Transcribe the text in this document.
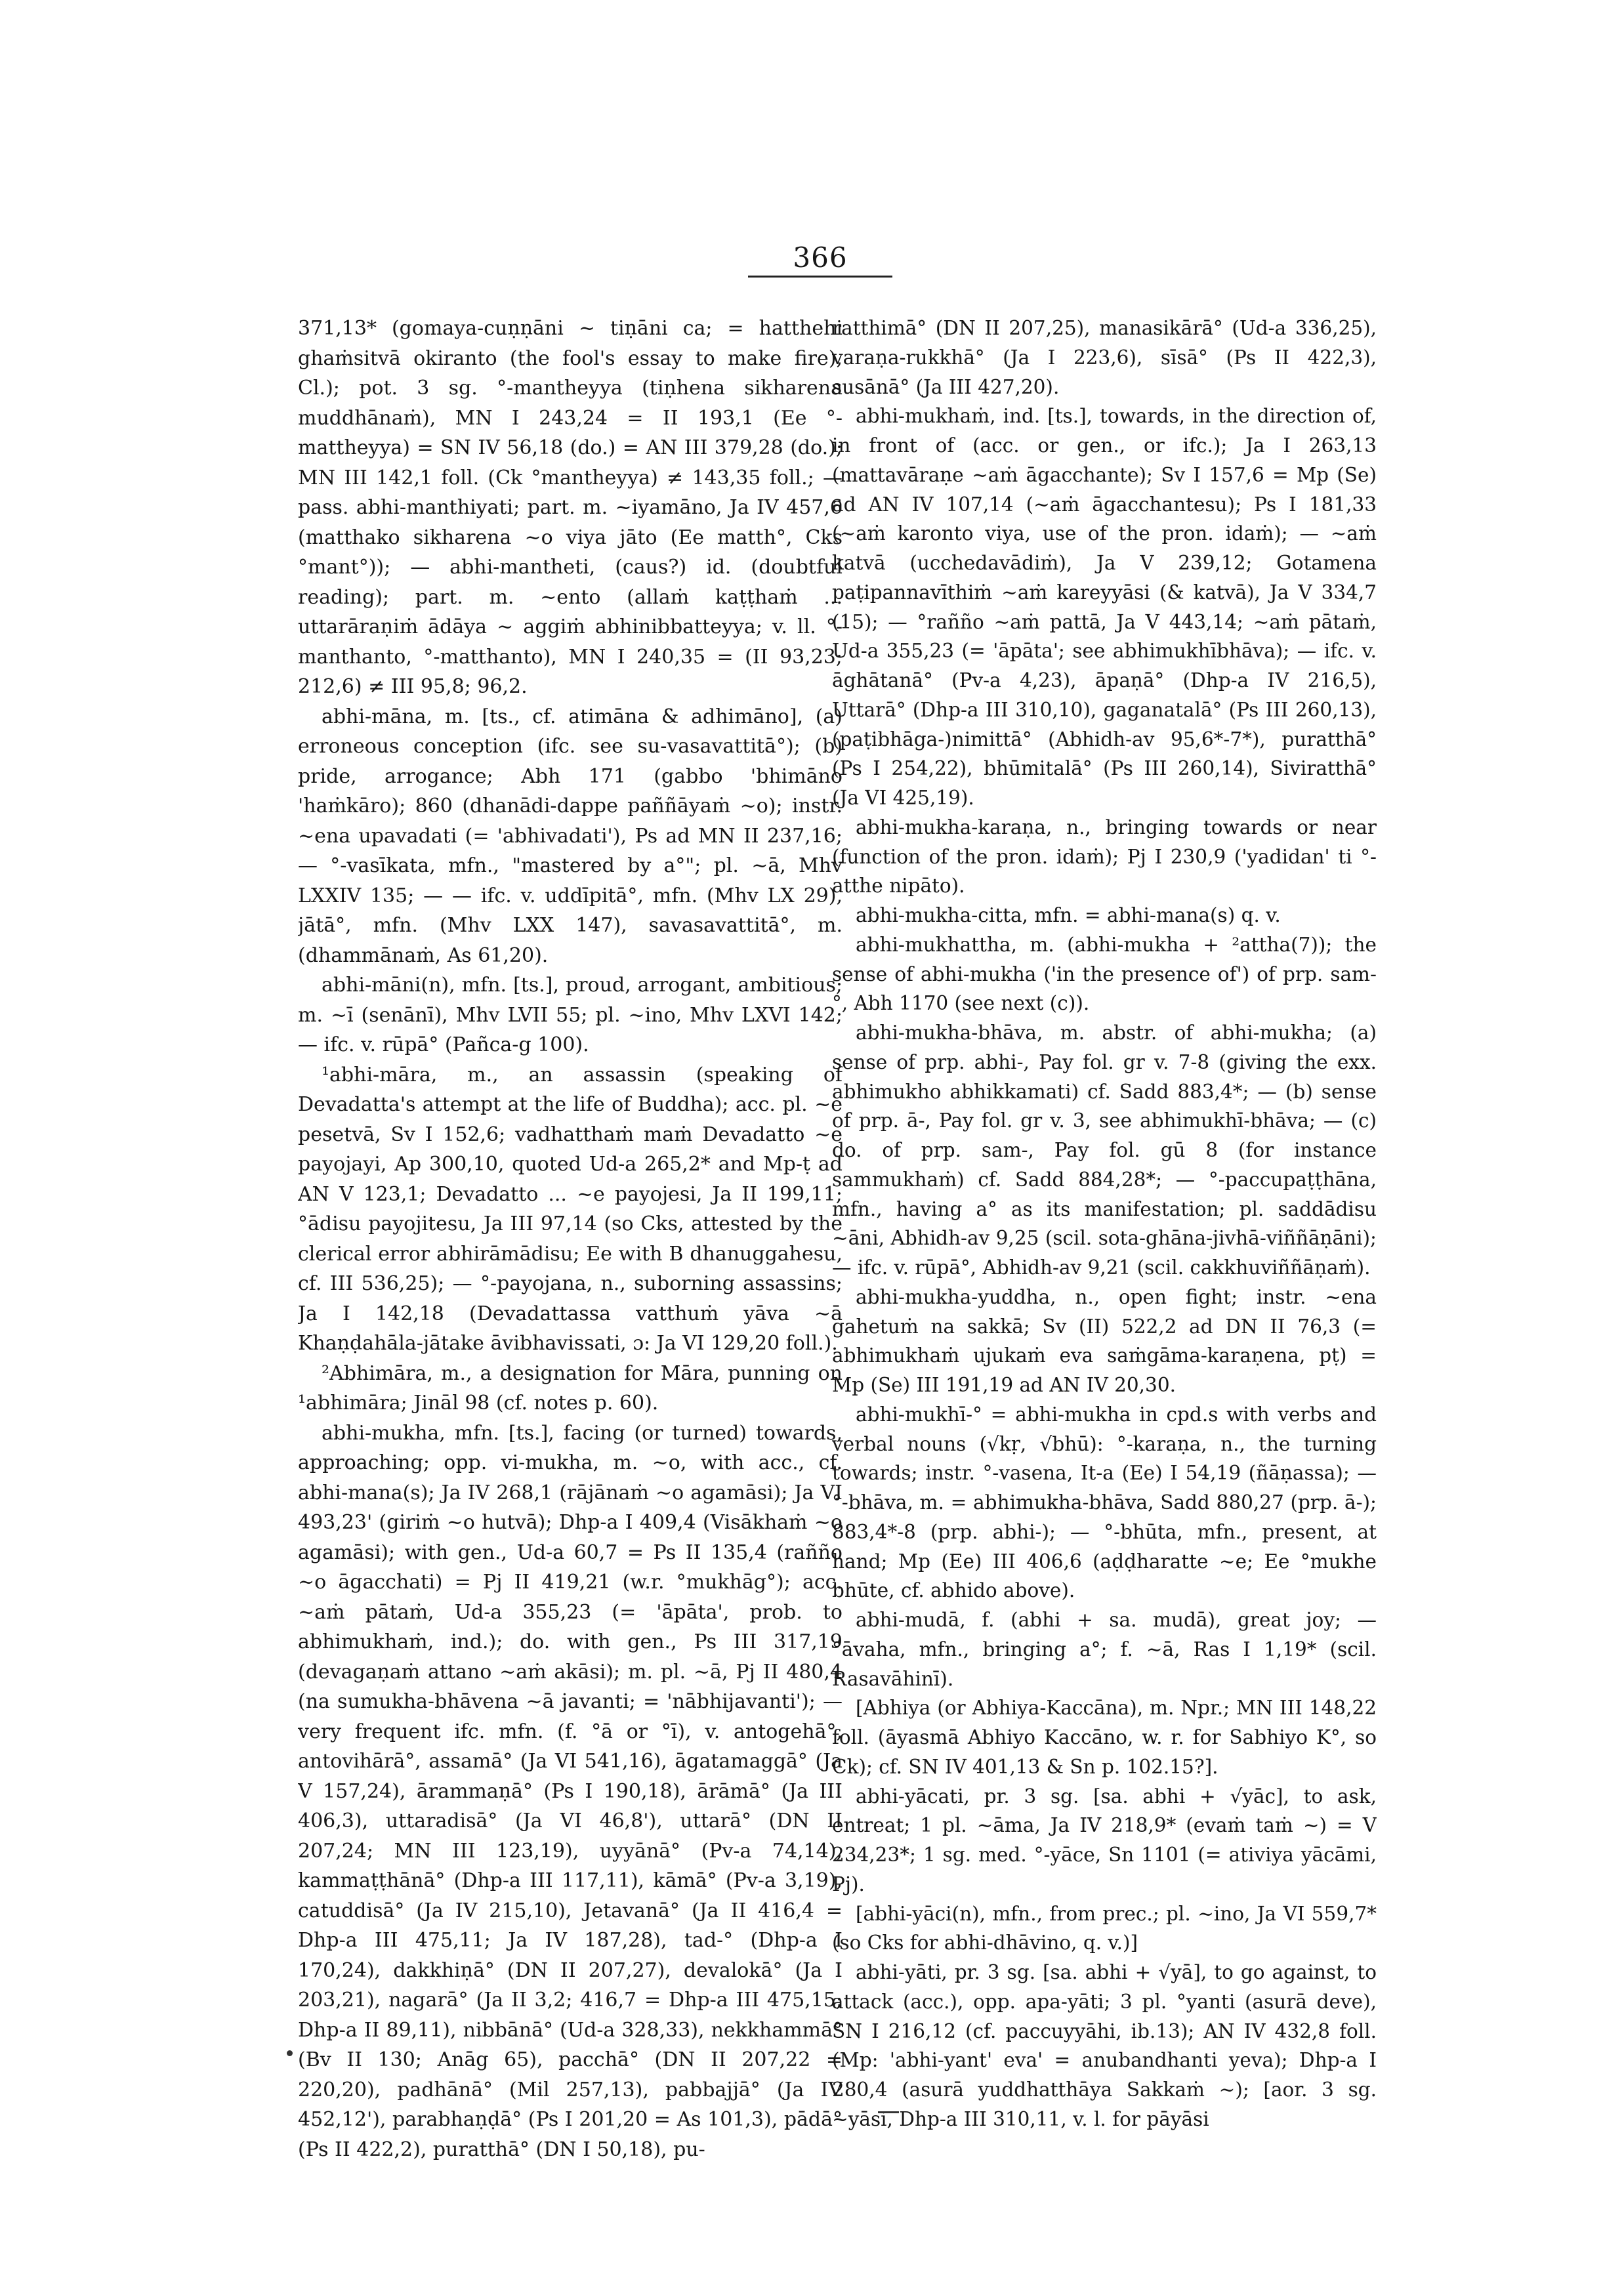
366

371,13* (gomaya-cuṇṇāni ~ tiṇāni ca; = hatthehi ghaṁsitvā okiranto (the fool's essay to make fire), Cl.); pot. 3 sg. °-mantheyya (tiṇhena sikharena muddhānaṁ), MN I 243,24 = II 193,1 (Ee °-mattheyya) = SN IV 56,18 (do.) = AN III 379,28 (do.); MN III 142,1 foll. (Ck °mantheyya) ≠ 143,35 foll.; — pass. abhi-manthiyati; part. m. ~iyamāno, Ja IV 457,6 (matthako sikharena ~o viya jāto (Ee matth°, Cks °mant°)); — abhi-mantheti, (caus?) id. (doubtful reading); part. m. ~ento (allaṁ kaṭṭhaṁ ... uttarāraṇiṁ ādāya ~ aggiṁ abhinibbatteyya; v. ll. °-manthanto, °-matthanto), MN I 240,35 = (II 93,23; 212,6) ≠ III 95,8; 96,2.

abhi-māna, m. [ts., cf. atimāna & adhimāno], (a) erroneous conception (ifc. see su-vasavattitā°); (b) pride, arrogance; Abh 171 (gabbo 'bhimāno 'haṁkāro); 860 (dhanādi-dappe paññāyaṁ ~o); instr. ~ena upavadati (= 'abhivadati'), Ps ad MN II 237,16; — °-vasīkata, mfn., "mastered by a°"; pl. ~ā, Mhv LXXIV 135; — — ifc. v. uddīpitā°, mfn. (Mhv LX 29), jātā°, mfn. (Mhv LXX 147), savasavattitā°, m. (dhammānaṁ, As 61,20).

abhi-māni(n), mfn. [ts.], proud, arrogant, ambitious; m. ~ī (senānī), Mhv LVII 55; pl. ~ino, Mhv LXVI 142; — ifc. v. rūpā° (Pañca-g 100).

¹abhi-māra, m., an assassin (speaking of Devadatta's attempt at the life of Buddha); acc. pl. ~e pesetvā, Sv I 152,6; vadhatthaṁ maṁ Devadatto ~e payojayi, Ap 300,10, quoted Ud-a 265,2* and Mp-ṭ ad AN V 123,1; Devadatto ... ~e payojesi, Ja II 199,11; °ādisu payojitesu, Ja III 97,14 (so Cks, attested by the clerical error abhirāmādisu; Ee with B dhanuggahesu, cf. III 536,25); — °-payojana, n., suborning assassins; Ja I 142,18 (Devadattassa vatthuṁ yāva ~ā Khaṇḍahāla-jātake āvibhavissati, ɔ: Ja VI 129,20 foll.).

²Abhimāra, m., a designation for Māra, punning on ¹abhimāra; Jināl 98 (cf. notes p. 60).

abhi-mukha, mfn. [ts.], facing (or turned) towards, approaching; opp. vi-mukha, m. ~o, with acc., cf. abhi-mana(s); Ja IV 268,1 (rājānaṁ ~o agamāsi); Ja VI 493,23' (giriṁ ~o hutvā); Dhp-a I 409,4 (Visākhaṁ ~o agamāsi); with gen., Ud-a 60,7 = Ps II 135,4 (rañño ~o āgacchati) = Pj II 419,21 (w.r. °mukhāg°); acc. ~aṁ pātaṁ, Ud-a 355,23 (= 'āpāta', prob. to abhimukhaṁ, ind.); do. with gen., Ps III 317,19 (devagaṇaṁ attano ~aṁ akāsi); m. pl. ~ā, Pj II 480,4 (na sumukha-bhāvena ~ā javanti; = 'nābhijavanti'); — very frequent ifc. mfn. (f. °ā or °ī), v. antogehā°, antovihārā°, assamā° (Ja VI 541,16), āgatamaggā° (Ja V 157,24), ārammaṇā° (Ps I 190,18), ārāmā° (Ja III 406,3), uttaradisā° (Ja VI 46,8'), uttarā° (DN II 207,24; MN III 123,19), uyyānā° (Pv-a 74,14), kammaṭṭhānā° (Dhp-a III 117,11), kāmā° (Pv-a 3,19), catuddisā° (Ja IV 215,10), Jetavanā° (Ja II 416,4 = Dhp-a III 475,11; Ja IV 187,28), tad-° (Dhp-a I 170,24), dakkhiṇā° (DN II 207,27), devalokā° (Ja I 203,21), nagarā° (Ja II 3,2; 416,7 = Dhp-a III 475,15; Dhp-a II 89,11), nibbānā° (Ud-a 328,33), nekkhammā° (Bv II 130; Anāg 65), pacchā° (DN II 207,22 = 220,20), padhānā° (Mil 257,13), pabbajjā° (Ja IV 452,12'), parabhaṇḍā° (Ps I 201,20 = As 101,3), pādā° (Ps II 422,2), puratthā° (DN I 50,18), pu-

ratthimā° (DN II 207,25), manasikārā° (Ud-a 336,25), varaṇa-rukkhā° (Ja I 223,6), sīsā° (Ps II 422,3), susānā° (Ja III 427,20).

abhi-mukhaṁ, ind. [ts.], towards, in the direction of, in front of (acc. or gen., or ifc.); Ja I 263,13 (mattavāraṇe ~aṁ āgacchante); Sv I 157,6 = Mp (Se) ad AN IV 107,14 (~aṁ āgacchantesu); Ps I 181,33 (~aṁ karonto viya, use of the pron. idaṁ); — ~aṁ katvā (ucchedavādiṁ), Ja V 239,12; Gotamena paṭipannavīthiṁ ~aṁ kareyyāsi (& katvā), Ja V 334,7 (15); — °rañño ~aṁ pattā, Ja V 443,14; ~aṁ pātaṁ, Ud-a 355,23 (= 'āpāta'; see abhimukhībhāva); — ifc. v. āghātanā° (Pv-a 4,23), āpaṇā° (Dhp-a IV 216,5), Uttarā° (Dhp-a III 310,10), gaganatalā° (Ps III 260,13), (paṭibhāga-)nimittā° (Abhidh-av 95,6*-7*), puratthā° (Ps I 254,22), bhūmitalā° (Ps III 260,14), Siviratthā° (Ja VI 425,19).

abhi-mukha-karaṇa, n., bringing towards or near (function of the pron. idaṁ); Pj I 230,9 ('yadidan' ti °-atthe nipāto).

abhi-mukha-citta, mfn. = abhi-mana(s) q. v.

abhi-mukhattha, m. (abhi-mukha + ²attha(7)); the sense of abhi-mukha ('in the presence of') of prp. sam-°, Abh 1170 (see next (c)).

abhi-mukha-bhāva, m. abstr. of abhi-mukha; (a) sense of prp. abhi-, Pay fol. gr v. 7-8 (giving the exx. abhimukho abhikkamati) cf. Sadd 883,4*; — (b) sense of prp. ā-, Pay fol. gr v. 3, see abhimukhī-bhāva; — (c) do. of prp. sam-, Pay fol. gū 8 (for instance sammukhaṁ) cf. Sadd 884,28*; — °-paccupaṭṭhāna, mfn., having a° as its manifestation; pl. saddādisu ~āni, Abhidh-av 9,25 (scil. sota-ghāna-jivhā-viññāṇāni); — ifc. v. rūpā°, Abhidh-av 9,21 (scil. cakkhuviññāṇaṁ).

abhi-mukha-yuddha, n., open fight; instr. ~ena gahetuṁ na sakkā; Sv (II) 522,2 ad DN II 76,3 (= abhimukhaṁ ujukaṁ eva saṁgāma-karaṇena, pṭ) = Mp (Se) III 191,19 ad AN IV 20,30.

abhi-mukhī-° = abhi-mukha in cpd.s with verbs and verbal nouns (√kṛ, √bhū): °-karaṇa, n., the turning towards; instr. °-vasena, It-a (Ee) I 54,19 (ñāṇassa); — °-bhāva, m. = abhimukha-bhāva, Sadd 880,27 (prp. ā-); 883,4*-8 (prp. abhi-); — °-bhūta, mfn., present, at hand; Mp (Ee) III 406,6 (aḍḍharatte ~e; Ee °mukhe bhūte, cf. abhido above).

abhi-mudā, f. (abhi + sa. mudā), great joy; — °āvaha, mfn., bringing a°; f. ~ā, Ras I 1,19* (scil. Rasavāhinī).

[Abhiya (or Abhiya-Kaccāna), m. Npr.; MN III 148,22 foll. (āyasmā Abhiyo Kaccāno, w. r. for Sabhiyo K°, so Ck); cf. SN IV 401,13 & Sn p. 102.15?].

abhi-yācati, pr. 3 sg. [sa. abhi + √yāc], to ask, entreat; 1 pl. ~āma, Ja IV 218,9* (evaṁ taṁ ~) = V 234,23*; 1 sg. med. °-yāce, Sn 1101 (= ativiya yācāmi, Pj).

[abhi-yāci(n), mfn., from prec.; pl. ~ino, Ja VI 559,7* (so Cks for abhi-dhāvino, q. v.)]

abhi-yāti, pr. 3 sg. [sa. abhi + √yā], to go against, to attack (acc.), opp. apa-yāti; 3 pl. °yanti (asurā deve), SN I 216,12 (cf. paccuyyāhi, ib.13); AN IV 432,8 foll. (Mp: 'abhi-yant' eva' = anubandhanti yeva); Dhp-a I 280,4 (asurā yuddhatthāya Sakkaṁ ~); [aor. 3 sg. ~yāsi, Dhp-a III 310,11, v. l. for pāyāsi
